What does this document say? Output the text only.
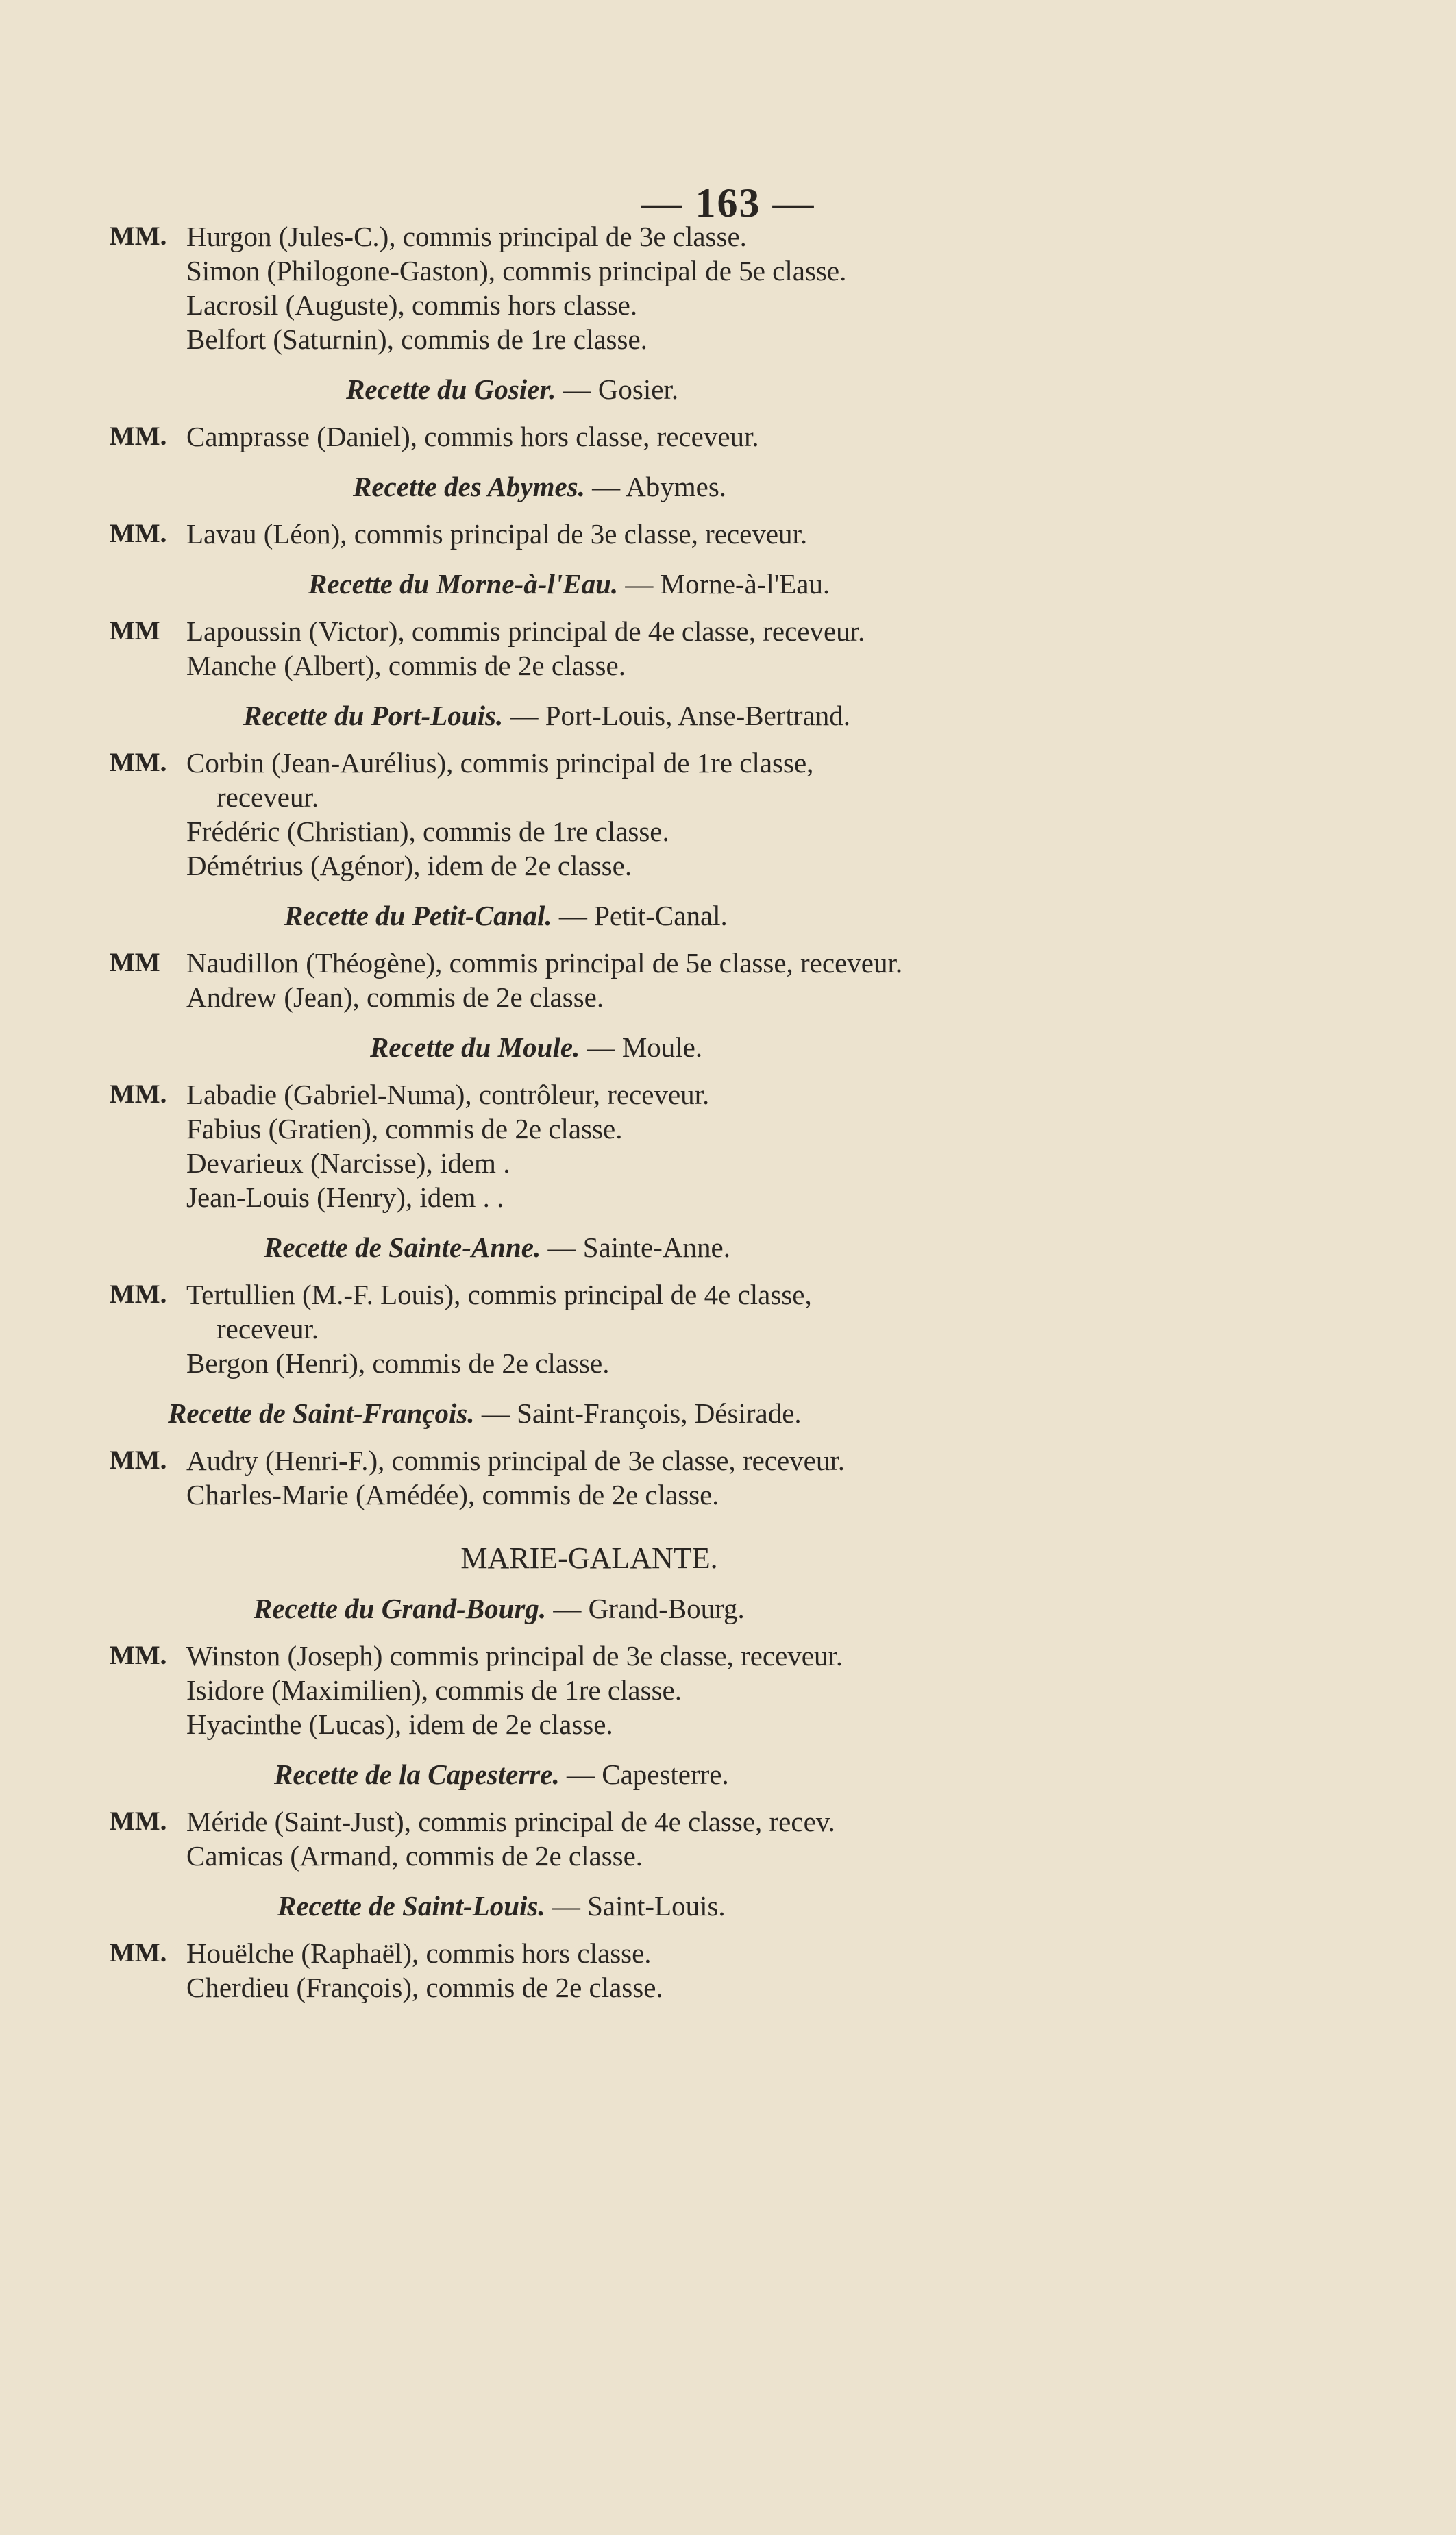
— 163 —
MM. Hurgon (Jules-C.), commis principal de 3e classe.
Simon (Philogone-Gaston), commis principal de 5e classe.
Lacrosil (Auguste), commis hors classe.
Belfort (Saturnin), commis de 1re classe.
Recette du Gosier. — Gosier.
MM. Camprasse (Daniel), commis hors classe, receveur.
Recette des Abymes. — Abymes.
MM. Lavau (Léon), commis principal de 3e classe, receveur.
Recette du Morne-à-l'Eau. — Morne-à-l'Eau.
MM Lapoussin (Victor), commis principal de 4e classe, receveur.
Manche (Albert), commis de 2e classe.
Recette du Port-Louis. — Port-Louis, Anse-Bertrand.
MM. Corbin (Jean-Aurélius), commis principal de 1re classe,
receveur.
Frédéric (Christian), commis de 1re classe.
Démétrius (Agénor), idem de 2e classe.
Recette du Petit-Canal. — Petit-Canal.
MM Naudillon (Théogène), commis principal de 5e classe, receveur.
Andrew (Jean), commis de 2e classe.
Recette du Moule. — Moule.
MM. Labadie (Gabriel-Numa), contrôleur, receveur.
Fabius (Gratien), commis de 2e classe.
Devarieux (Narcisse), idem .
Jean-Louis (Henry), idem . .
Recette de Sainte-Anne. — Sainte-Anne.
MM. Tertullien (M.-F. Louis), commis principal de 4e classe,
receveur.
Bergon (Henri), commis de 2e classe.
Recette de Saint-François. — Saint-François, Désirade.
MM. Audry (Henri-F.), commis principal de 3e classe, receveur.
Charles-Marie (Amédée), commis de 2e classe.
MARIE-GALANTE.
Recette du Grand-Bourg. — Grand-Bourg.
MM. Winston (Joseph) commis principal de 3e classe, receveur.
Isidore (Maximilien), commis de 1re classe.
Hyacinthe (Lucas), idem de 2e classe.
Recette de la Capesterre. — Capesterre.
MM. Méride (Saint-Just), commis principal de 4e classe, recev.
Camicas (Armand, commis de 2e classe.
Recette de Saint-Louis. — Saint-Louis.
MM. Houëlche (Raphaël), commis hors classe.
Cherdieu (François), commis de 2e classe.
